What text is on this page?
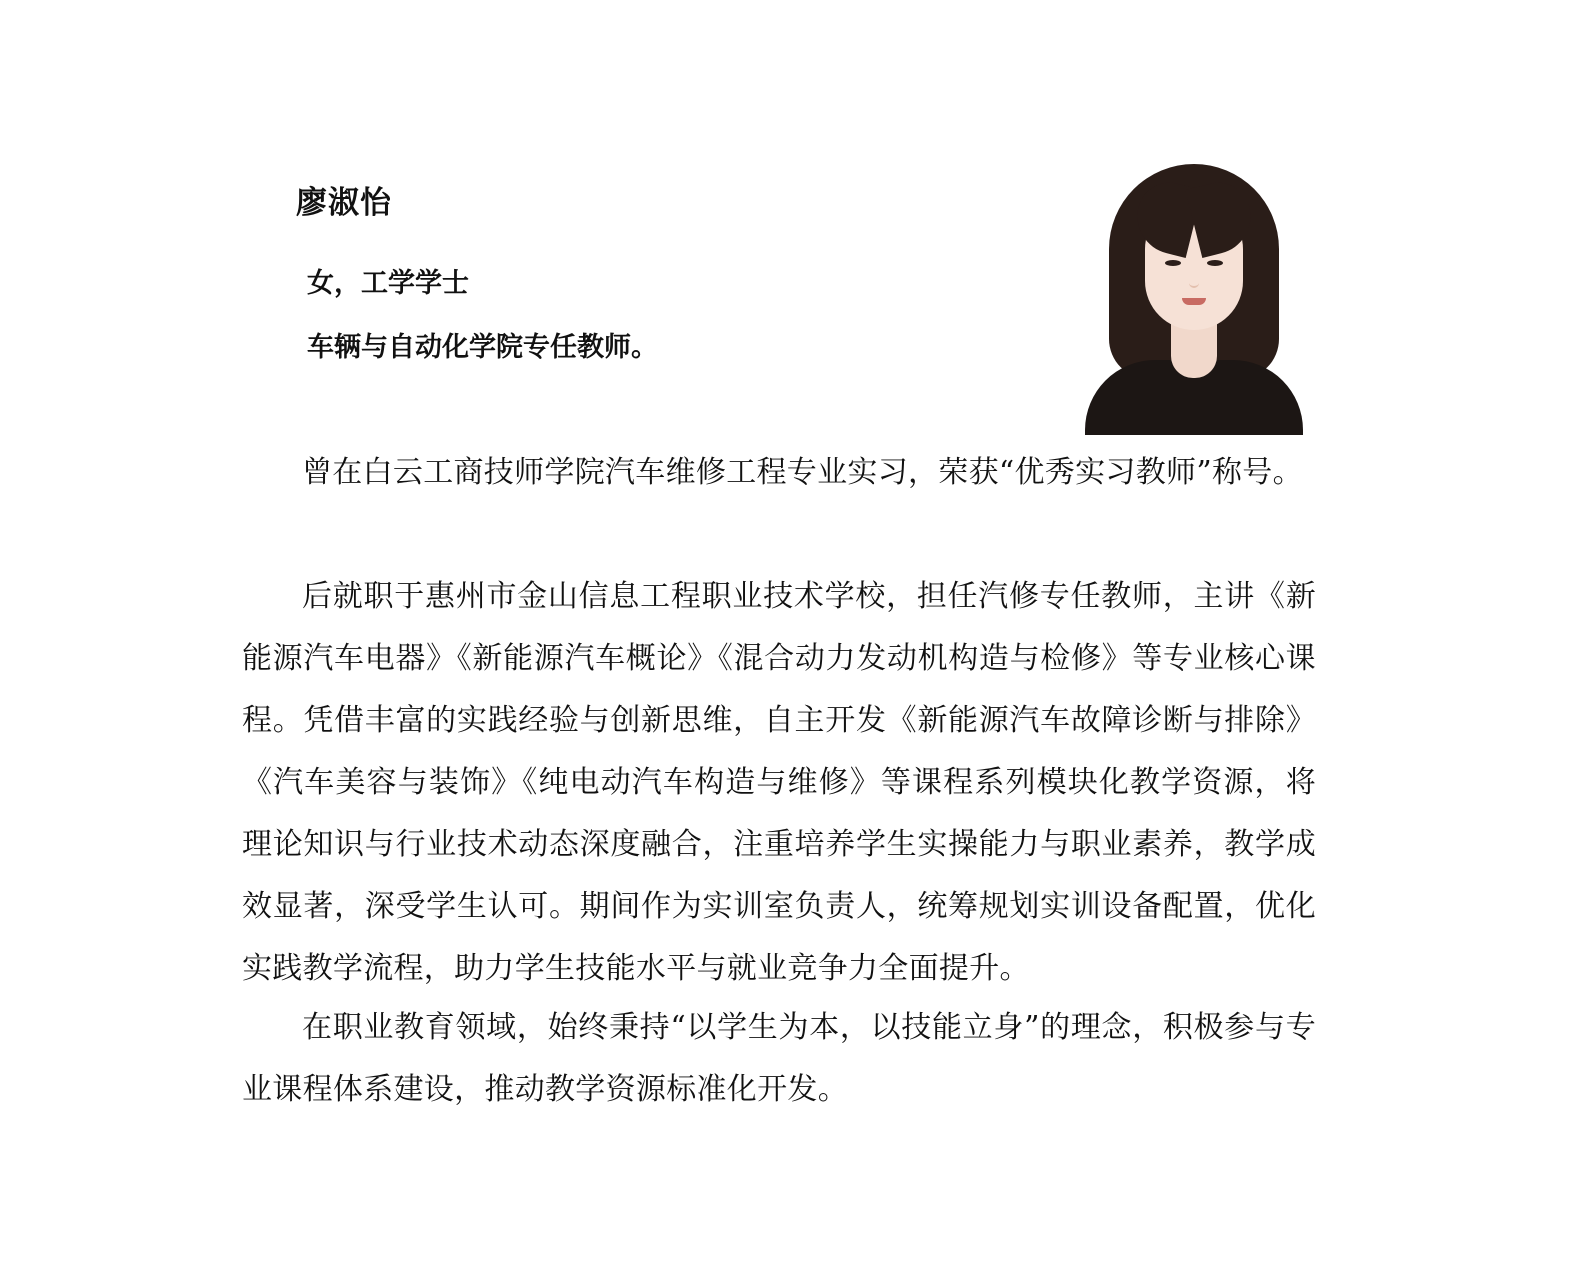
廖淑怡

女，工学学士

车辆与自动化学院专任教师。

曾在白云工商技师学院汽车维修工程专业实习，荣获“优秀实习教师”称号。

后就职于惠州市金山信息工程职业技术学校，担任汽修专任教师，主讲《新能源汽车电器》《新能源汽车概论》《混合动力发动机构造与检修》等专业核心课程。凭借丰富的实践经验与创新思维，自主开发《新能源汽车故障诊断与排除》《汽车美容与装饰》《纯电动汽车构造与维修》等课程系列模块化教学资源，将理论知识与行业技术动态深度融合，注重培养学生实操能力与职业素养，教学成效显著，深受学生认可。期间作为实训室负责人，统筹规划实训设备配置，优化实践教学流程，助力学生技能水平与就业竞争力全面提升。

在职业教育领域，始终秉持“以学生为本，以技能立身”的理念，积极参与专业课程体系建设，推动教学资源标准化开发。
